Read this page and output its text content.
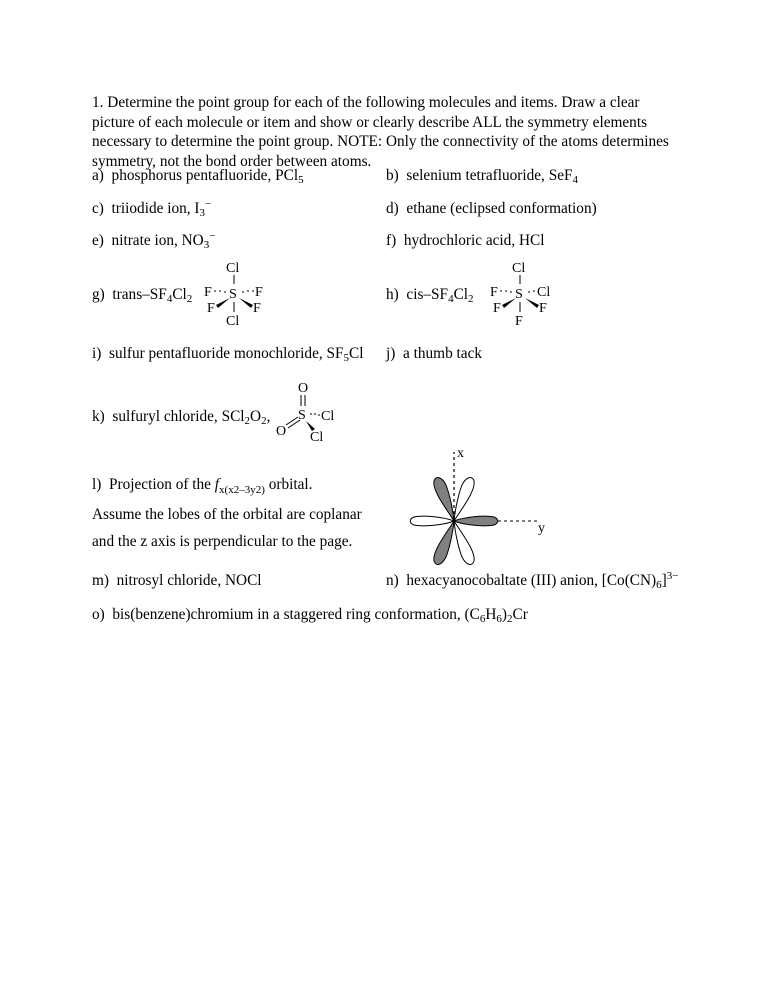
1. Determine the point group for each of the following molecules and items. Draw a clear

picture of each molecule or item and show or clearly describe ALL the symmetry elements

necessary to determine the point group. NOTE: Only the connectivity of the atoms determines

symmetry, not the bond order between atoms.

a) phosphorus pentafluoride, PCl$_5$	b) selenium tetrafluoride, SeF$_4$
c) triiodide ion, $I_3^-$	d) ethane (eclipsed conformation)
e) nitrate ion, $NO_3^-$	f) hydrochloric acid, HCl
g) trans–$SF_4Cl_2$
Cl
F S F
F	F
Cl
h) cis–$SF_4Cl_2$
Cl
F S Cl
F	F
F
i) sulfur pentafluoride monochloride, $SF_5Cl$ j) a thumb tack
k) sulfuryl chloride, $SCl_2O_2$,
O
S
O
Cl
Cl
l) Projection of the $f_{x(x2-3y2)}$ orbital.
Assume the lobes of the orbital are coplanar
and the z axis is perpendicular to the page.
x
y
m) nitrosyl chloride, NOCl	n) hexacyanocobaltate (III) anion, $[Co(CN)_6]^{3-}$
o) bis(benzene)chromium in a staggered ring conformation, $(C_6H_6)_2Cr$
